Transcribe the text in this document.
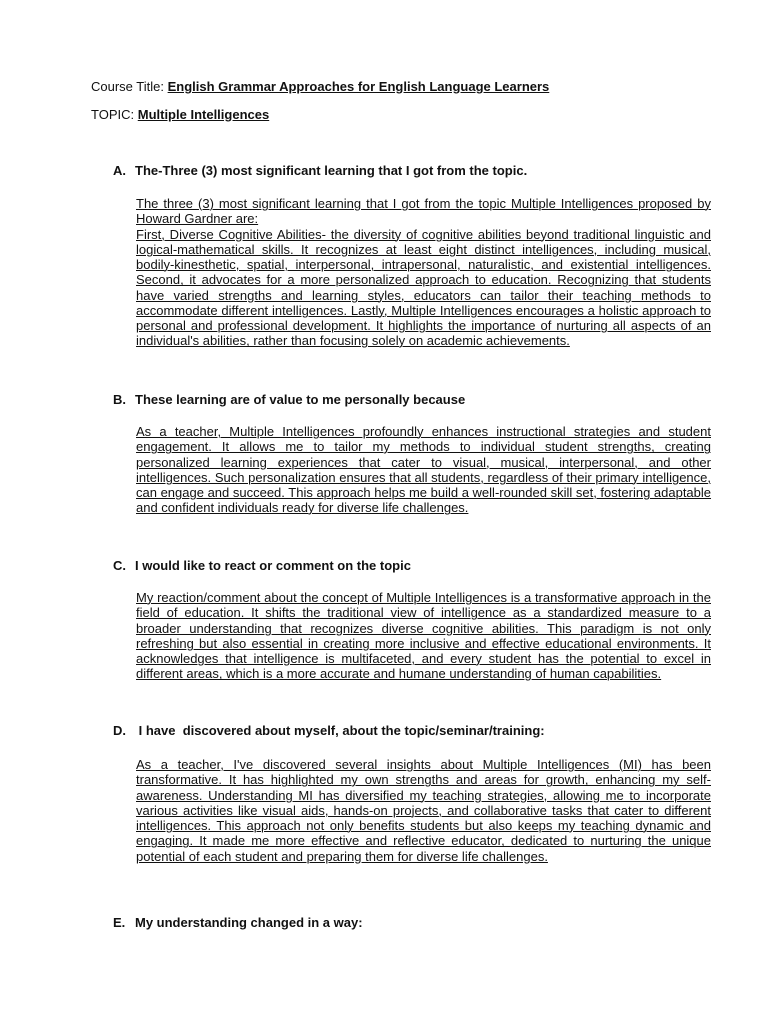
Course Title: English Grammar Approaches for English Language Learners
TOPIC: Multiple Intelligences
A. The-Three (3) most significant learning that I got from the topic.

The three (3) most significant learning that I got from the topic Multiple Intelligences proposed by Howard Gardner are:

First, Diverse Cognitive Abilities- the diversity of cognitive abilities beyond traditional linguistic and logical-mathematical skills. It recognizes at least eight distinct intelligences, including musical, bodily-kinesthetic, spatial, interpersonal, intrapersonal, naturalistic, and existential intelligences. Second, it advocates for a more personalized approach to education. Recognizing that students have varied strengths and learning styles, educators can tailor their teaching methods to accommodate different intelligences. Lastly, Multiple Intelligences encourages a holistic approach to personal and professional development. It highlights the importance of nurturing all aspects of an individual's abilities, rather than focusing solely on academic achievements.

B. These learning are of value to me personally because

As a teacher, Multiple Intelligences profoundly enhances instructional strategies and student engagement. It allows me to tailor my methods to individual student strengths, creating personalized learning experiences that cater to visual, musical, interpersonal, and other intelligences. Such personalization ensures that all students, regardless of their primary intelligence, can engage and succeed. This approach helps me build a well-rounded skill set, fostering adaptable and confident individuals ready for diverse life challenges.

C. I would like to react or comment on the topic

My reaction/comment about the concept of Multiple Intelligences is a transformative approach in the field of education. It shifts the traditional view of intelligence as a standardized measure to a broader understanding that recognizes diverse cognitive abilities. This paradigm is not only refreshing but also essential in creating more inclusive and effective educational environments. It acknowledges that intelligence is multifaceted, and every student has the potential to excel in different areas, which is a more accurate and humane understanding of human capabilities.

D. I have  discovered about myself, about the topic/seminar/training:

As a teacher, I've discovered several insights about Multiple Intelligences (MI) has been transformative. It has highlighted my own strengths and areas for growth, enhancing my self-awareness. Understanding MI has diversified my teaching strategies, allowing me to incorporate various activities like visual aids, hands-on projects, and collaborative tasks that cater to different intelligences. This approach not only benefits students but also keeps my teaching dynamic and engaging. It made me more effective and reflective educator, dedicated to nurturing the unique potential of each student and preparing them for diverse life challenges.

E. My understanding changed in a way:
